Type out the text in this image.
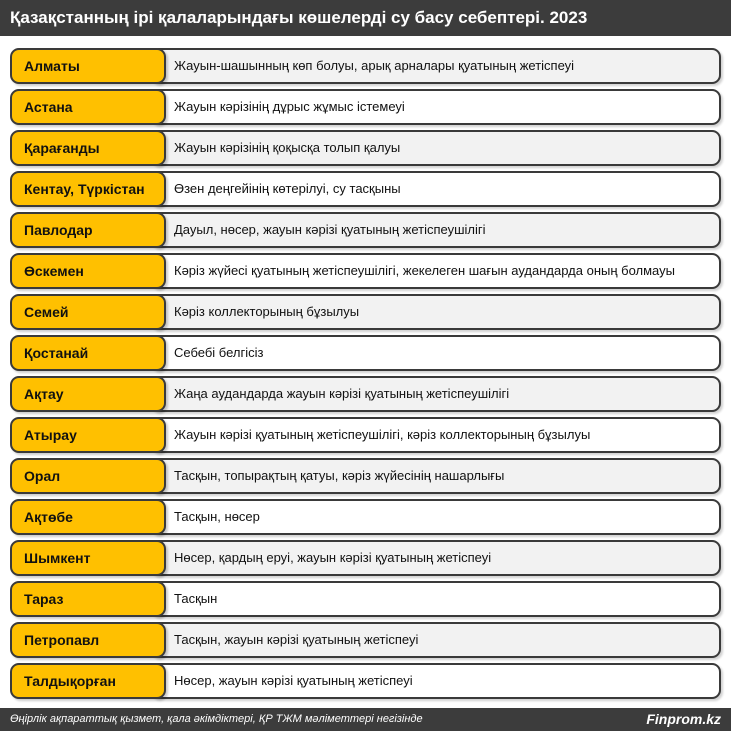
Қазақстанның ірі қалаларындағы көшелерді су басу себептері. 2023
Жауын-шашынның көп болуы, арық арналары қуатының жетіспеуі
Алматы
Жауын кәрізінің дұрыс жұмыс істемеуі
Астана
Жауын кәрізінің қоқысқа толып қалуы
Қарағанды
Өзен деңгейінің көтерілуі, су тасқыны
Кентау, Түркістан
Дауыл, нөсер, жауын кәрізі қуатының жетіспеушілігі
Павлодар
Кәріз жүйесі қуатының жетіспеушілігі, жекелеген шағын аудандарда оның болмауы
Өскемен
Кәріз коллекторының бұзылуы
Семей
Себебі белгісіз
Қостанай
Жаңа аудандарда жауын кәрізі қуатының жетіспеушілігі
Ақтау
Жауын кәрізі қуатының жетіспеушілігі, кәріз коллекторының бұзылуы
Атырау
Тасқын, топырақтың қатуы, кәріз жүйесінің нашарлығы
Орал
Тасқын, нөсер
Ақтөбе
Нөсер, қардың еруі, жауын кәрізі қуатының жетіспеуі
Шымкент
Тасқын
Тараз
Тасқын, жауын кәрізі қуатының жетіспеуі
Петропавл
Нөсер, жауын кәрізі қуатының жетіспеуі
Талдықорған
Өңірлік ақпараттық қызмет, қала әкімдіктері, ҚР ТЖМ мәліметтері негізінде	Finprom.kz
